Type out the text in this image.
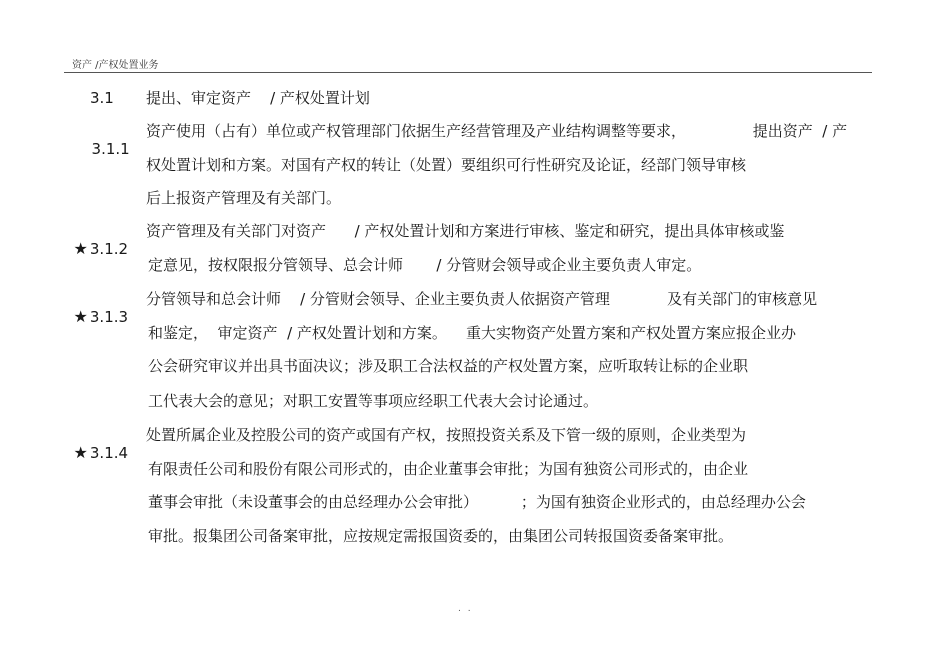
资产 /产权处置业务
3.1 提出、审定资产    / 产权处置计划

3.1.1

资产使用（占有）单位或产权管理部门依据生产经营管理及产业结构调整等要求，              提出资产  / 产
权处置计划和方案。对国有产权的转让（处置）要组织可行性研究及论证，经部门领导审核
后上报资产管理及有关部门。

★ 3.1.2

资产管理及有关部门对资产      / 产权处置计划和方案进行审核、鉴定和研究，提出具体审核或鉴
定意见，按权限报分管领导、总会计师       / 分管财会领导或企业主要负责人审定。

★ 3.1.3

分管领导和总会计师    / 分管财会领导、企业主要负责人依据资产管理            及有关部门的审核意见
和鉴定，  审定资产  / 产权处置计划和方案。    重大实物资产处置方案和产权处置方案应报企业办
公会研究审议并出具书面决议；涉及职工合法权益的产权处置方案，应听取转让标的企业职
工代表大会的意见；对职工安置等事项应经职工代表大会讨论通过。

★ 3.1.4

处置所属企业及控股公司的资产或国有产权，按照投资关系及下管一级的原则，企业类型为
有限责任公司和股份有限公司形式的，由企业董事会审批；为国有独资公司形式的，由企业
董事会审批（未设董事会的由总经理办公会审批）         ；为国有独资企业形式的，由总经理办公会
审批。报集团公司备案审批，应按规定需报国资委的，由集团公司转报国资委备案审批。
. .
